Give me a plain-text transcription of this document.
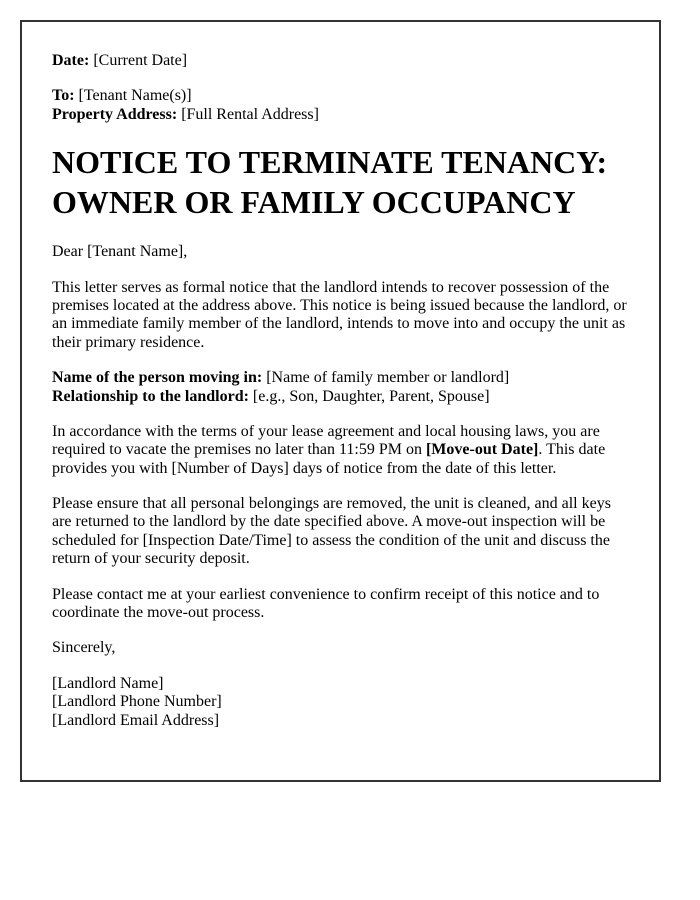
Date: [Current Date]

To: [Tenant Name(s)]
Property Address: [Full Rental Address]

NOTICE TO TERMINATE TENANCY: OWNER OR FAMILY OCCUPANCY

Dear [Tenant Name],

This letter serves as formal notice that the landlord intends to recover possession of the premises located at the address above. This notice is being issued because the landlord, or an immediate family member of the landlord, intends to move into and occupy the unit as their primary residence.

Name of the person moving in: [Name of family member or landlord]
Relationship to the landlord: [e.g., Son, Daughter, Parent, Spouse]

In accordance with the terms of your lease agreement and local housing laws, you are required to vacate the premises no later than 11:59 PM on [Move-out Date]. This date provides you with [Number of Days] days of notice from the date of this letter.

Please ensure that all personal belongings are removed, the unit is cleaned, and all keys are returned to the landlord by the date specified above. A move-out inspection will be scheduled for [Inspection Date/Time] to assess the condition of the unit and discuss the return of your security deposit.

Please contact me at your earliest convenience to confirm receipt of this notice and to coordinate the move-out process.

Sincerely,

[Landlord Name]
[Landlord Phone Number]
[Landlord Email Address]
